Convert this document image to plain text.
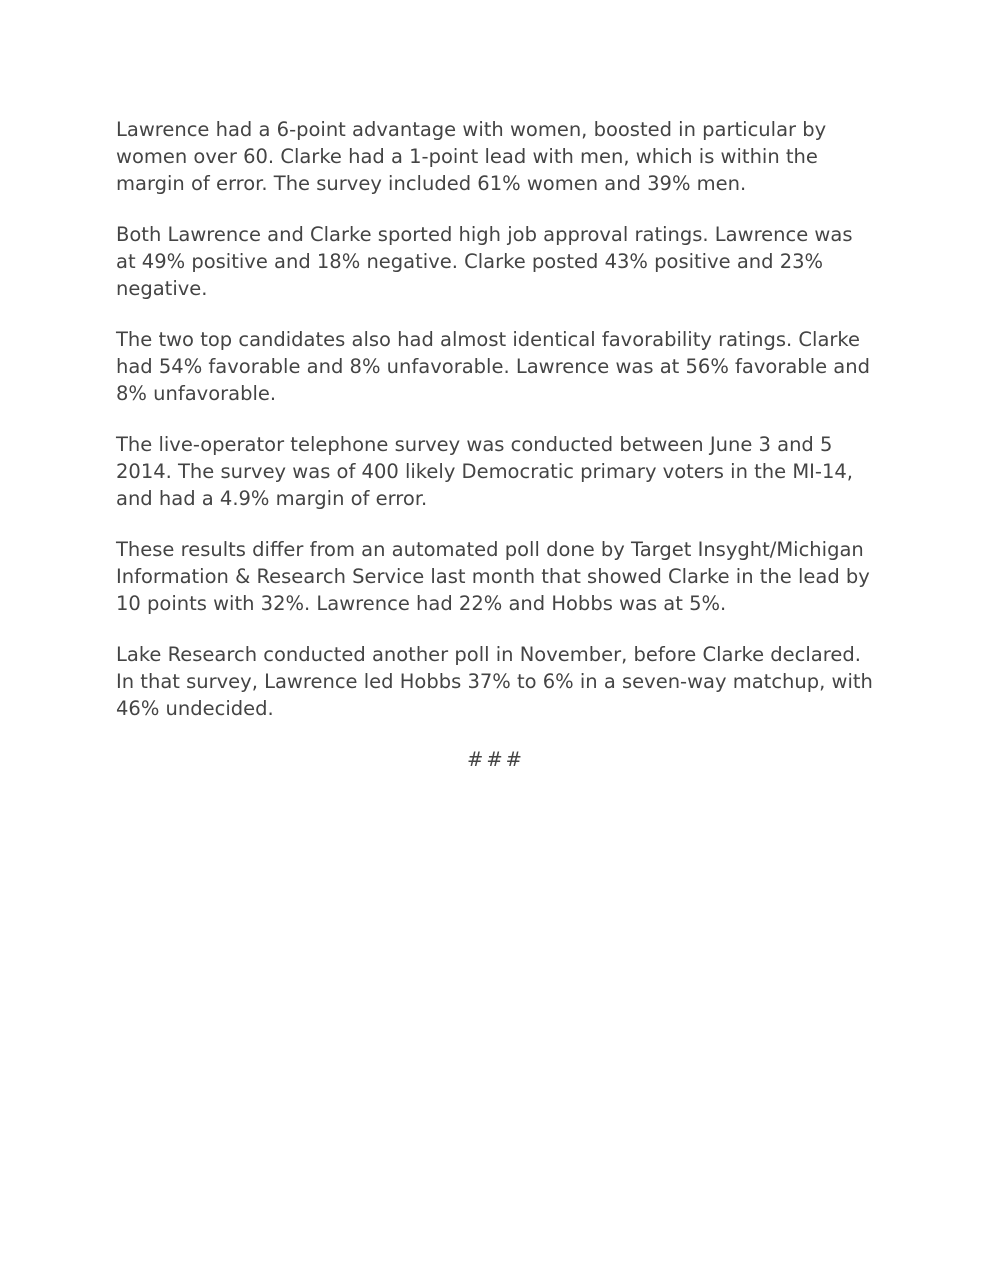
Lawrence had a 6-point advantage with women, boosted in particular by women over 60. Clarke had a 1-point lead with men, which is within the margin of error. The survey included 61% women and 39% men.

Both Lawrence and Clarke sported high job approval ratings. Lawrence was at 49% positive and 18% negative. Clarke posted 43% positive and 23% negative.

The two top candidates also had almost identical favorability ratings. Clarke had 54% favorable and 8% unfavorable. Lawrence was at 56% favorable and 8% unfavorable.

The live-operator telephone survey was conducted between June 3 and 5 2014. The survey was of 400 likely Democratic primary voters in the MI-14, and had a 4.9% margin of error.

These results differ from an automated poll done by Target Insyght/Michigan Information & Research Service last month that showed Clarke in the lead by 10 points with 32%. Lawrence had 22% and Hobbs was at 5%.

Lake Research conducted another poll in November, before Clarke declared. In that survey, Lawrence led Hobbs 37% to 6% in a seven-way matchup, with 46% undecided.

###
